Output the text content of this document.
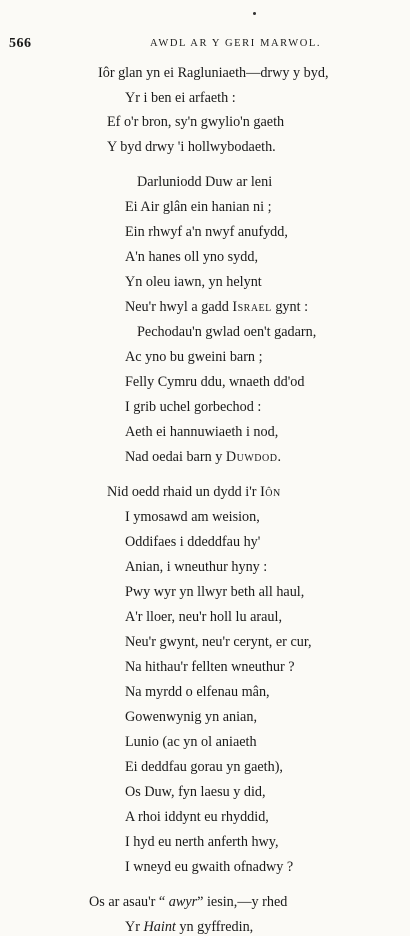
566	AWDL AR Y GERI MARWOL.
Iôr glan yn ei Ragluniaeth—drwy y byd,
Yr i ben ei arfaeth :
Ef o'r bron, sy'n gwylio'n gaeth
Y byd drwy 'i hollwybodaeth.
Darluniodd Duw ar leni
Ei Air glân ein hanian ni ;
Ein rhwyf a'n nwyf anufydd,
A'n hanes oll yno sydd,
Yn oleu iawn, yn helynt
Neu'r hwyl a gadd Israel gynt :
Pechodau'n gwlad oen't gadarn,
Ac yno bu gweini barn ;
Felly Cymru ddu, wnaeth dd'od
I grib uchel gorbechod :
Aeth ei hannuwiaeth i nod,
Nad oedai barn y Duwdod.
Nid oedd rhaid un dydd i'r Iôn
I ymosawd am weision,
Oddifaes i ddeddfau hy'
Anian, i wneuthur hyny :
Pwy wyr yn llwyr beth all haul,
A'r lloer, neu'r holl lu araul,
Neu'r gwynt, neu'r cerynt, er cur,
Na hithau'r fellten wneuthur ?
Na myrdd o elfenau mân,
Gowenwynig yn anian,
Lunio (ac yn ol aniaeth
Ei deddfau gorau yn gaeth),
Os Duw, fyn laesu y did,
A rhoi iddynt eu rhyddid,
I hyd eu nerth anferth hwy,
I wneyd eu gwaith ofnadwy ?
Os ar asau'r “ awyr” iesin,—y rhed
Yr Haint yn gyffredin,
